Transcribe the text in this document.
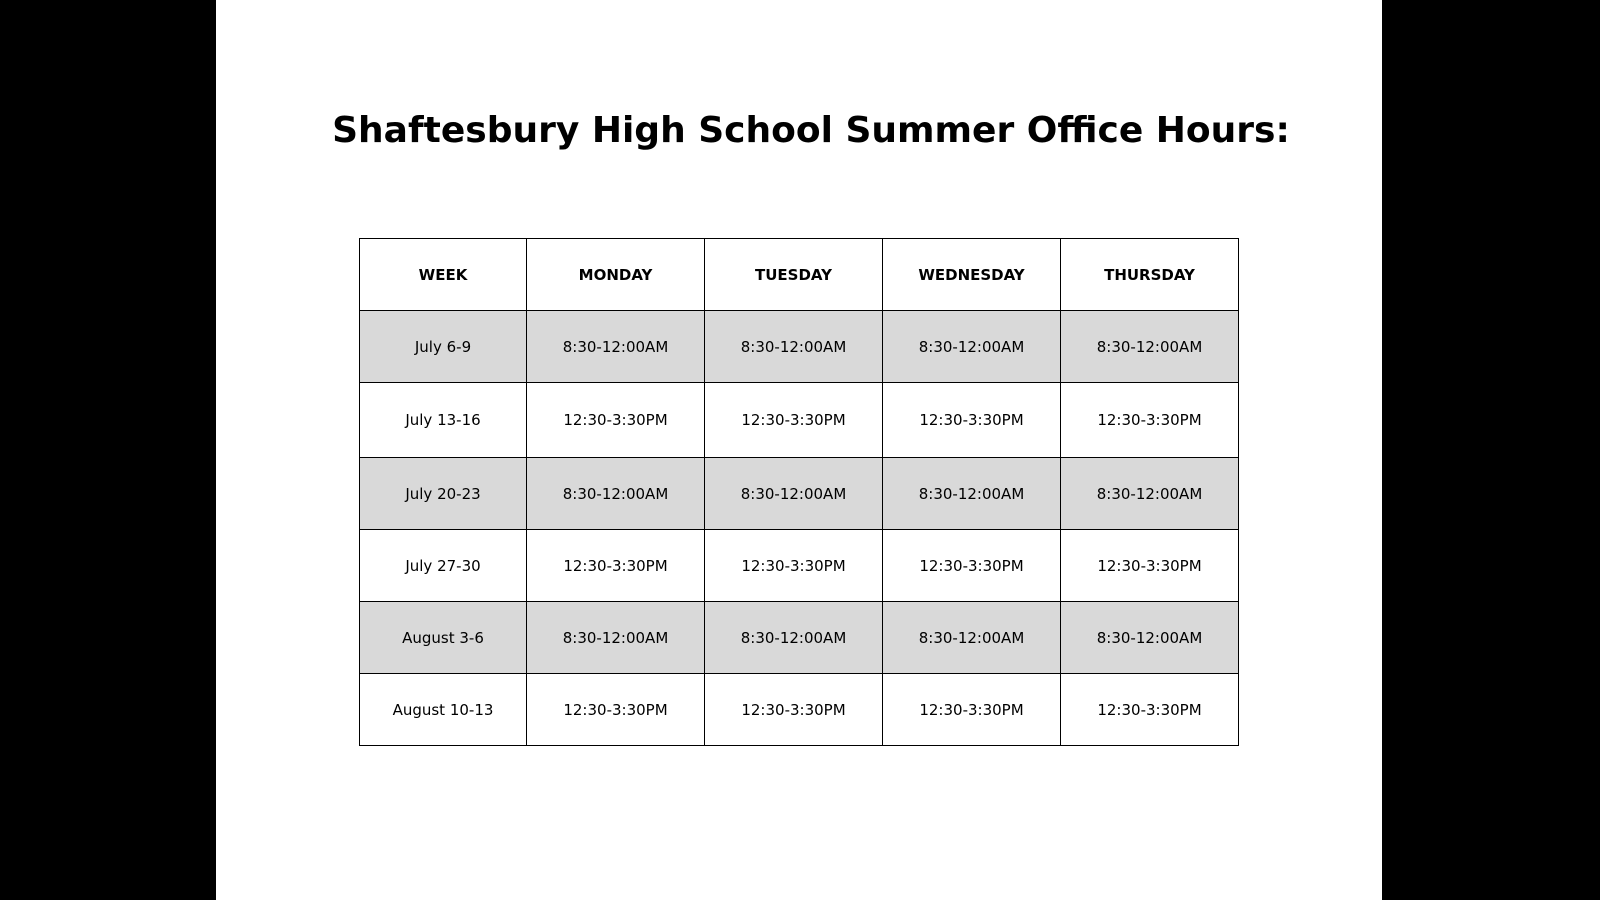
Shaftesbury High School Summer Office Hours:
WEEK	MONDAY	TUESDAY	WEDNESDAY	THURSDAY
July 6-9	8:30-12:00AM	8:30-12:00AM	8:30-12:00AM	8:30-12:00AM
July 13-16	12:30-3:30PM	12:30-3:30PM	12:30-3:30PM	12:30-3:30PM
July 20-23	8:30-12:00AM	8:30-12:00AM	8:30-12:00AM	8:30-12:00AM
July 27-30	12:30-3:30PM	12:30-3:30PM	12:30-3:30PM	12:30-3:30PM
August 3-6	8:30-12:00AM	8:30-12:00AM	8:30-12:00AM	8:30-12:00AM
August 10-13	12:30-3:30PM	12:30-3:30PM	12:30-3:30PM	12:30-3:30PM
